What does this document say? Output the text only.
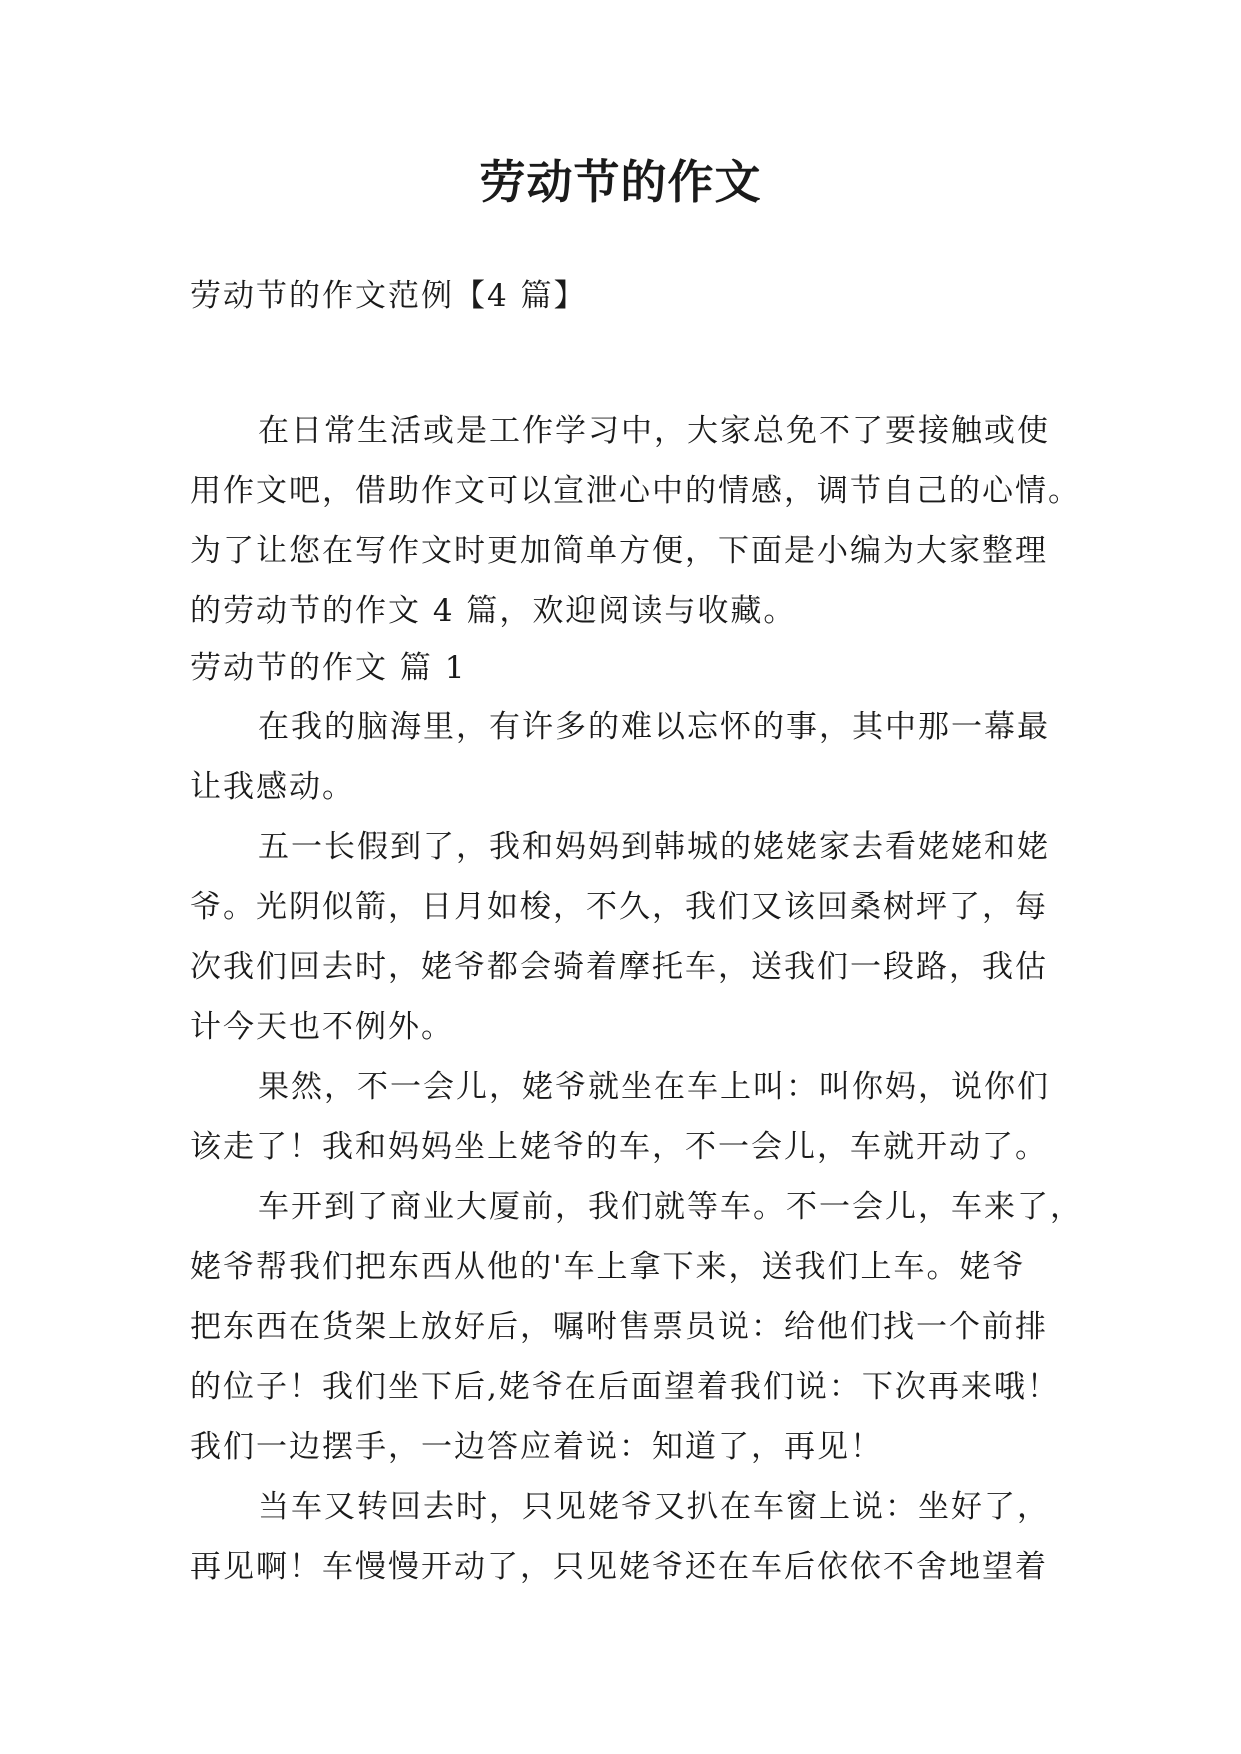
劳动节的作文
劳动节的作文范例【4 篇】
在日常生活或是工作学习中，大家总免不了要接触或使
用作文吧，借助作文可以宣泄心中的情感，调节自己的心情。
为了让您在写作文时更加简单方便，下面是小编为大家整理
的劳动节的作文 4 篇，欢迎阅读与收藏。
劳动节的作文 篇 1
在我的脑海里，有许多的难以忘怀的事，其中那一幕最
让我感动。
五一长假到了，我和妈妈到韩城的姥姥家去看姥姥和姥
爷。光阴似箭，日月如梭，不久，我们又该回桑树坪了，每
次我们回去时，姥爷都会骑着摩托车，送我们一段路，我估
计今天也不例外。
果然，不一会儿，姥爷就坐在车上叫：叫你妈，说你们
该走了！我和妈妈坐上姥爷的车，不一会儿，车就开动了。
车开到了商业大厦前，我们就等车。不一会儿，车来了，
姥爷帮我们把东西从他的'车上拿下来，送我们上车。姥爷
把东西在货架上放好后，嘱咐售票员说：给他们找一个前排
的位子！我们坐下后,姥爷在后面望着我们说：下次再来哦！
我们一边摆手，一边答应着说：知道了，再见！
当车又转回去时，只见姥爷又扒在车窗上说：坐好了，
再见啊！车慢慢开动了，只见姥爷还在车后依依不舍地望着
